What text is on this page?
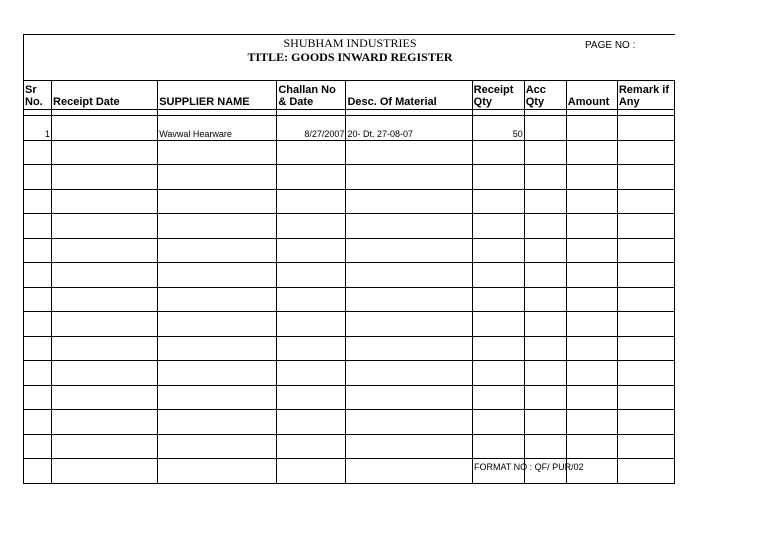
SHUBHAM INDUSTRIES
TITLE: GOODS INWARD REGISTER
PAGE NO :
Sr No.	Receipt Date	SUPPLIER NAME	Challan No & Date	Desc. Of Material	Receipt Qty	Acc Qty	Amount	Remark if Any

1		Wavwal Hearware	8/27/2007	20- Dt. 27-08-07	50			

FORMAT NO : QF/ PUR/02
